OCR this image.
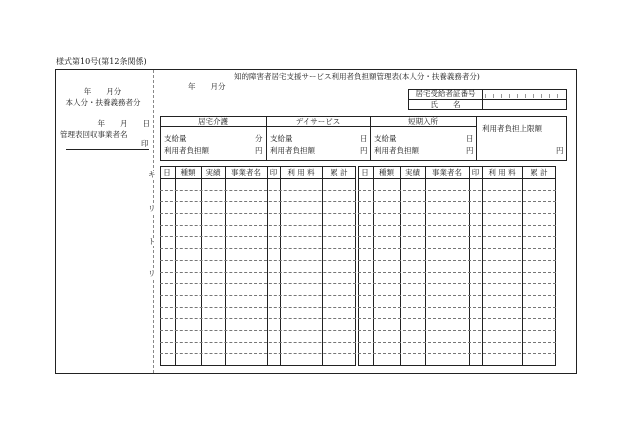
様式第10号(第12条関係)
年　　月分
本人分・扶養義務者分
年　　月　　日
管理表回収事業者名
印
知的障害者居宅支援サービス利用者負担額管理表(本人分・扶養義務者分)
年　　月分
居宅受給者証番号
氏　　名
居宅介護
支給量	分
利用者負担額	円
デイサービス
支給量	日
利用者負担額	円
短期入所
支給量	日
利用者負担額	円
利用者負担上限額
円
キ
リ
ト
リ
日	種類	実績	事業者名	印	利 用 料	累 計	日	種類	実績	事業者名	印	利 用 料	累 計
